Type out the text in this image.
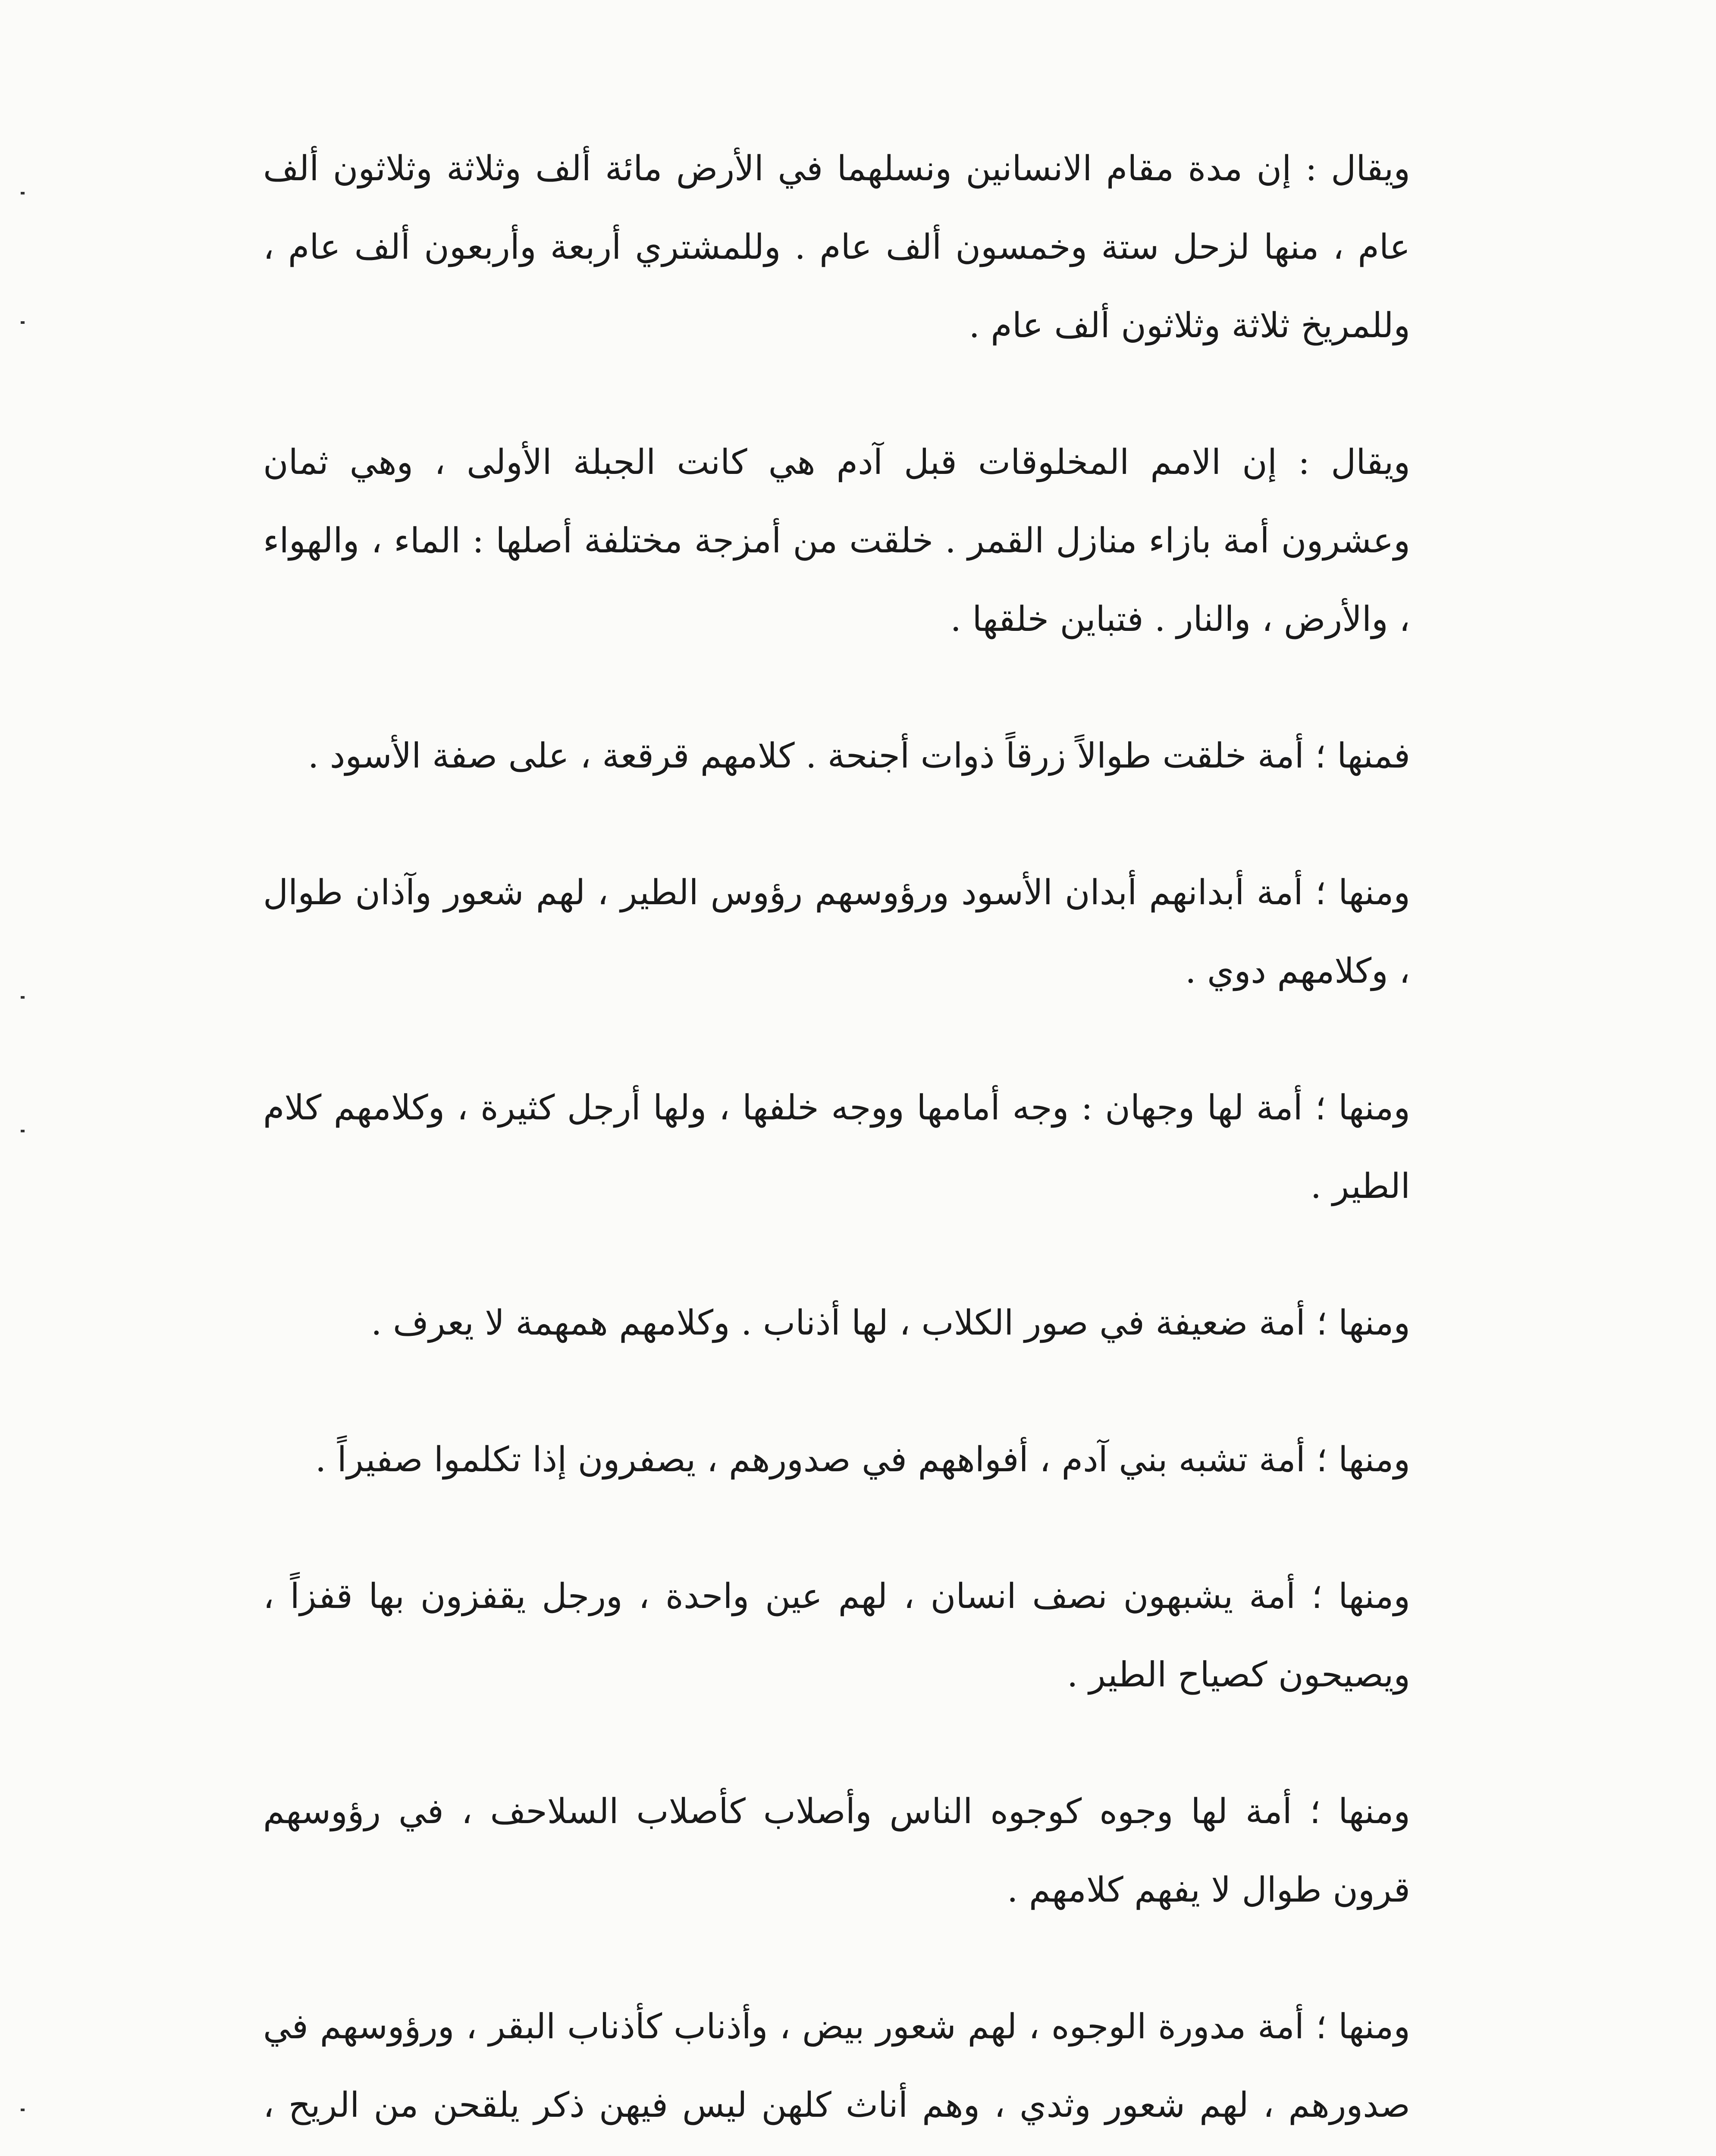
ويقال : إن مدة مقام الانسانين ونسلهما في الأرض مائة ألف وثلاثة وثلاثون ألف عام ، منها لزحل ستة وخمسون ألف عام . وللمشتري أربعة وأربعون ألف عام ، وللمريخ ثلاثة وثلاثون ألف عام .

ويقال : إن الامم المخلوقات قبل آدم هي كانت الجبلة الأولى ، وهي ثمان وعشرون أمة بازاء منازل القمر . خلقت من أمزجة مختلفة أصلها : الماء ، والهواء ، والأرض ، والنار . فتباين خلقها .

فمنها ؛ أمة خلقت طوالاً زرقاً ذوات أجنحة . كلامهم قرقعة ، على صفة الأسود .

ومنها ؛ أمة أبدانهم أبدان الأسود ورؤوسهم رؤوس الطير ، لهم شعور وآذان طوال ، وكلامهم دوي .

ومنها ؛ أمة لها وجهان : وجه أمامها ووجه خلفها ، ولها أرجل كثيرة ، وكلامهم كلام الطير .

ومنها ؛ أمة ضعيفة في صور الكلاب ، لها أذناب . وكلامهم همهمة لا يعرف .

ومنها ؛ أمة تشبه بني آدم ، أفواههم في صدورهم ، يصفرون إذا تكلموا صفيراً .

ومنها ؛ أمة يشبهون نصف انسان ، لهم عين واحدة ، ورجل يقفزون بها قفزاً ، ويصيحون كصياح الطير .

ومنها ؛ أمة لها وجوه كوجوه الناس وأصلاب كأصلاب السلاحف ، في رؤوسهم قرون طوال لا يفهم كلامهم .

ومنها ؛ أمة مدورة الوجوه ، لهم شعور بيض ، وأذناب كأذناب البقر ، ورؤوسهم في صدورهم ، لهم شعور وثدي ، وهم أناث كلهن ليس فيهن ذكر يلقحن من الريح ،
